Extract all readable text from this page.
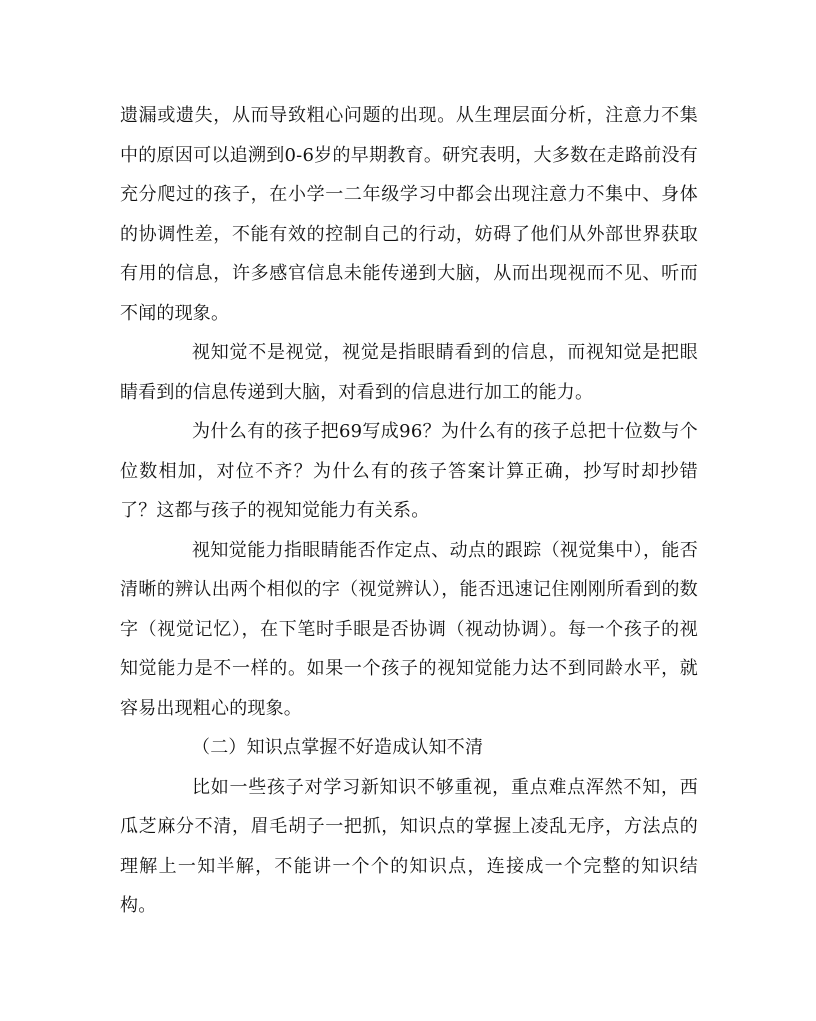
遗漏或遗失，从而导致粗心问题的出现。从生理层面分析，注意力不集中的原因可以追溯到0-6岁的早期教育。研究表明，大多数在走路前没有充分爬过的孩子，在小学一二年级学习中都会出现注意力不集中、身体的协调性差，不能有效的控制自己的行动，妨碍了他们从外部世界获取有用的信息，许多感官信息未能传递到大脑，从而出现视而不见、听而不闻的现象。

视知觉不是视觉，视觉是指眼睛看到的信息，而视知觉是把眼睛看到的信息传递到大脑，对看到的信息进行加工的能力。

为什么有的孩子把69写成96？为什么有的孩子总把十位数与个位数相加，对位不齐？为什么有的孩子答案计算正确，抄写时却抄错了？这都与孩子的视知觉能力有关系。

视知觉能力指眼睛能否作定点、动点的跟踪（视觉集中），能否清晰的辨认出两个相似的字（视觉辨认），能否迅速记住刚刚所看到的数字（视觉记忆），在下笔时手眼是否协调（视动协调）。每一个孩子的视知觉能力是不一样的。如果一个孩子的视知觉能力达不到同龄水平，就容易出现粗心的现象。

（二）知识点掌握不好造成认知不清

比如一些孩子对学习新知识不够重视，重点难点浑然不知，西瓜芝麻分不清，眉毛胡子一把抓，知识点的掌握上凌乱无序，方法点的理解上一知半解，不能讲一个个的知识点，连接成一个完整的知识结构。
